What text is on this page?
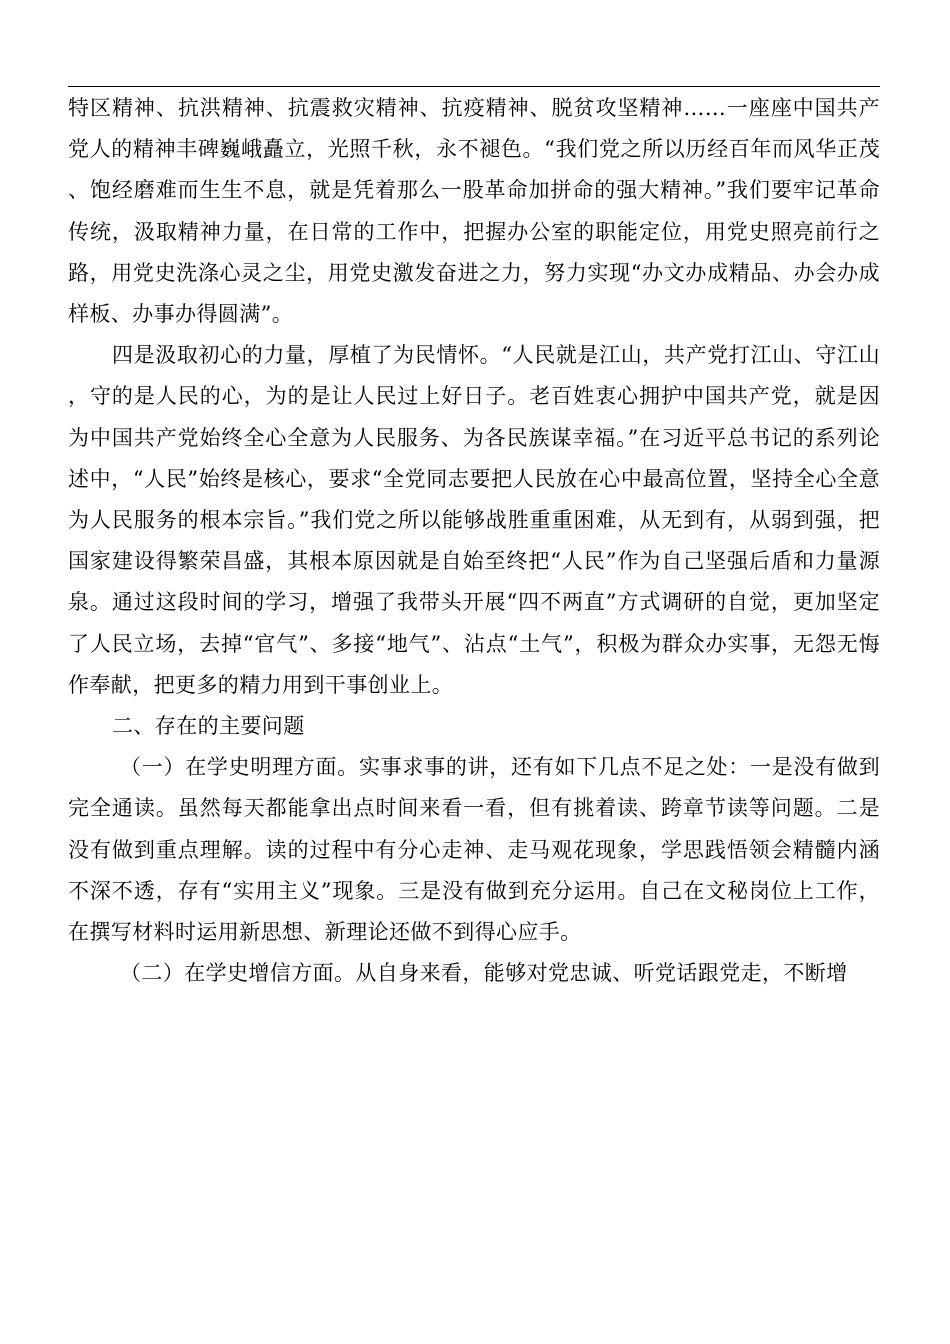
特区精神、抗洪精神、抗震救灾精神、抗疫精神、脱贫攻坚精神……一座座中国共产党人的精神丰碑巍峨矗立，光照千秋，永不褪色。“我们党之所以历经百年而风华正茂、饱经磨难而生生不息，就是凭着那么一股革命加拼命的强大精神。”我们要牢记革命传统，汲取精神力量，在日常的工作中，把握办公室的职能定位，用党史照亮前行之路，用党史洗涤心灵之尘，用党史激发奋进之力，努力实现“办文办成精品、办会办成样板、办事办得圆满”。

四是汲取初心的力量，厚植了为民情怀。“人民就是江山，共产党打江山、守江山，守的是人民的心，为的是让人民过上好日子。老百姓衷心拥护中国共产党，就是因为中国共产党始终全心全意为人民服务、为各民族谋幸福。”在习近平总书记的系列论述中，“人民”始终是核心，要求“全党同志要把人民放在心中最高位置，坚持全心全意为人民服务的根本宗旨。”我们党之所以能够战胜重重困难，从无到有，从弱到强，把国家建设得繁荣昌盛，其根本原因就是自始至终把“人民”作为自己坚强后盾和力量源泉。通过这段时间的学习，增强了我带头开展“四不两直”方式调研的自觉，更加坚定了人民立场，去掉“官气”、多接“地气”、沾点“土气”，积极为群众办实事，无怨无悔作奉献，把更多的精力用到干事创业上。

二、存在的主要问题

（一）在学史明理方面。实事求事的讲，还有如下几点不足之处：一是没有做到完全通读。虽然每天都能拿出点时间来看一看，但有挑着读、跨章节读等问题。二是没有做到重点理解。读的过程中有分心走神、走马观花现象，学思践悟领会精髓内涵不深不透，存有“实用主义”现象。三是没有做到充分运用。自己在文秘岗位上工作，在撰写材料时运用新思想、新理论还做不到得心应手。

（二）在学史增信方面。从自身来看，能够对党忠诚、听党话跟党走，不断增
